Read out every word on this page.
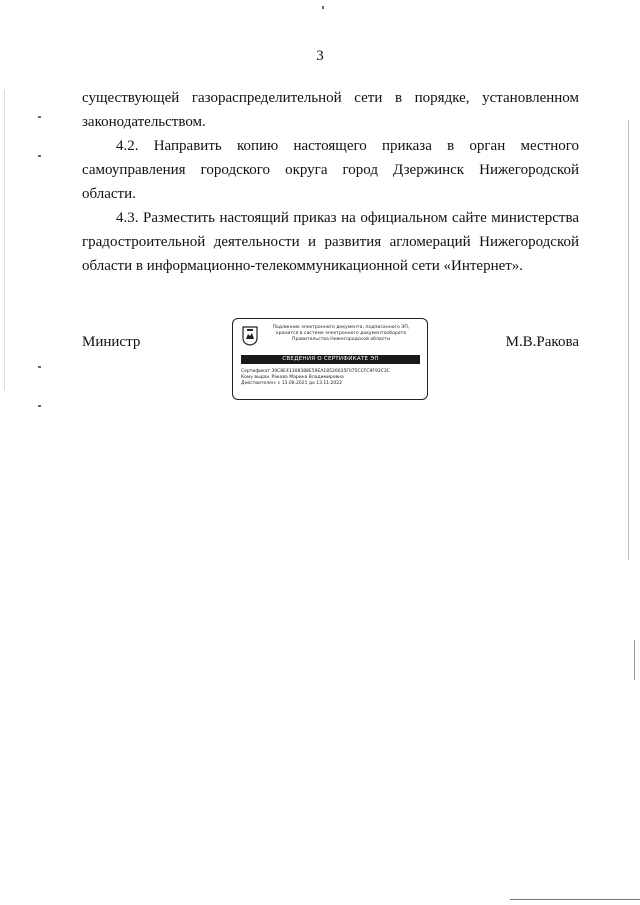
3

существующей газораспределительной сети в порядке, установленном

законодательством.

4.2. Направить копию настоящего приказа в орган местного самоуправления городского округа город Дзержинск Нижегородской области.

4.3. Разместить настоящий приказ на официальном сайте министерства градостроительной деятельности и развития агломераций Нижегородской области в информационно-телекоммуникационной сети «Интернет».

Министр	М.В.Ракова
Подлинник электронного документа, подписанного ЭП,
хранится в системе электронного документооборота
Правительства Нижегородской области
СВЕДЕНИЯ О СЕРТИФИКАТЕ ЭП
Сертификат 39C8E41308388E59EA18520035F075CCFC9F92C3C
Кому выдан Ракова Марина Владимировна
Действителен: с 13.08.2021 до 13.11.2022
